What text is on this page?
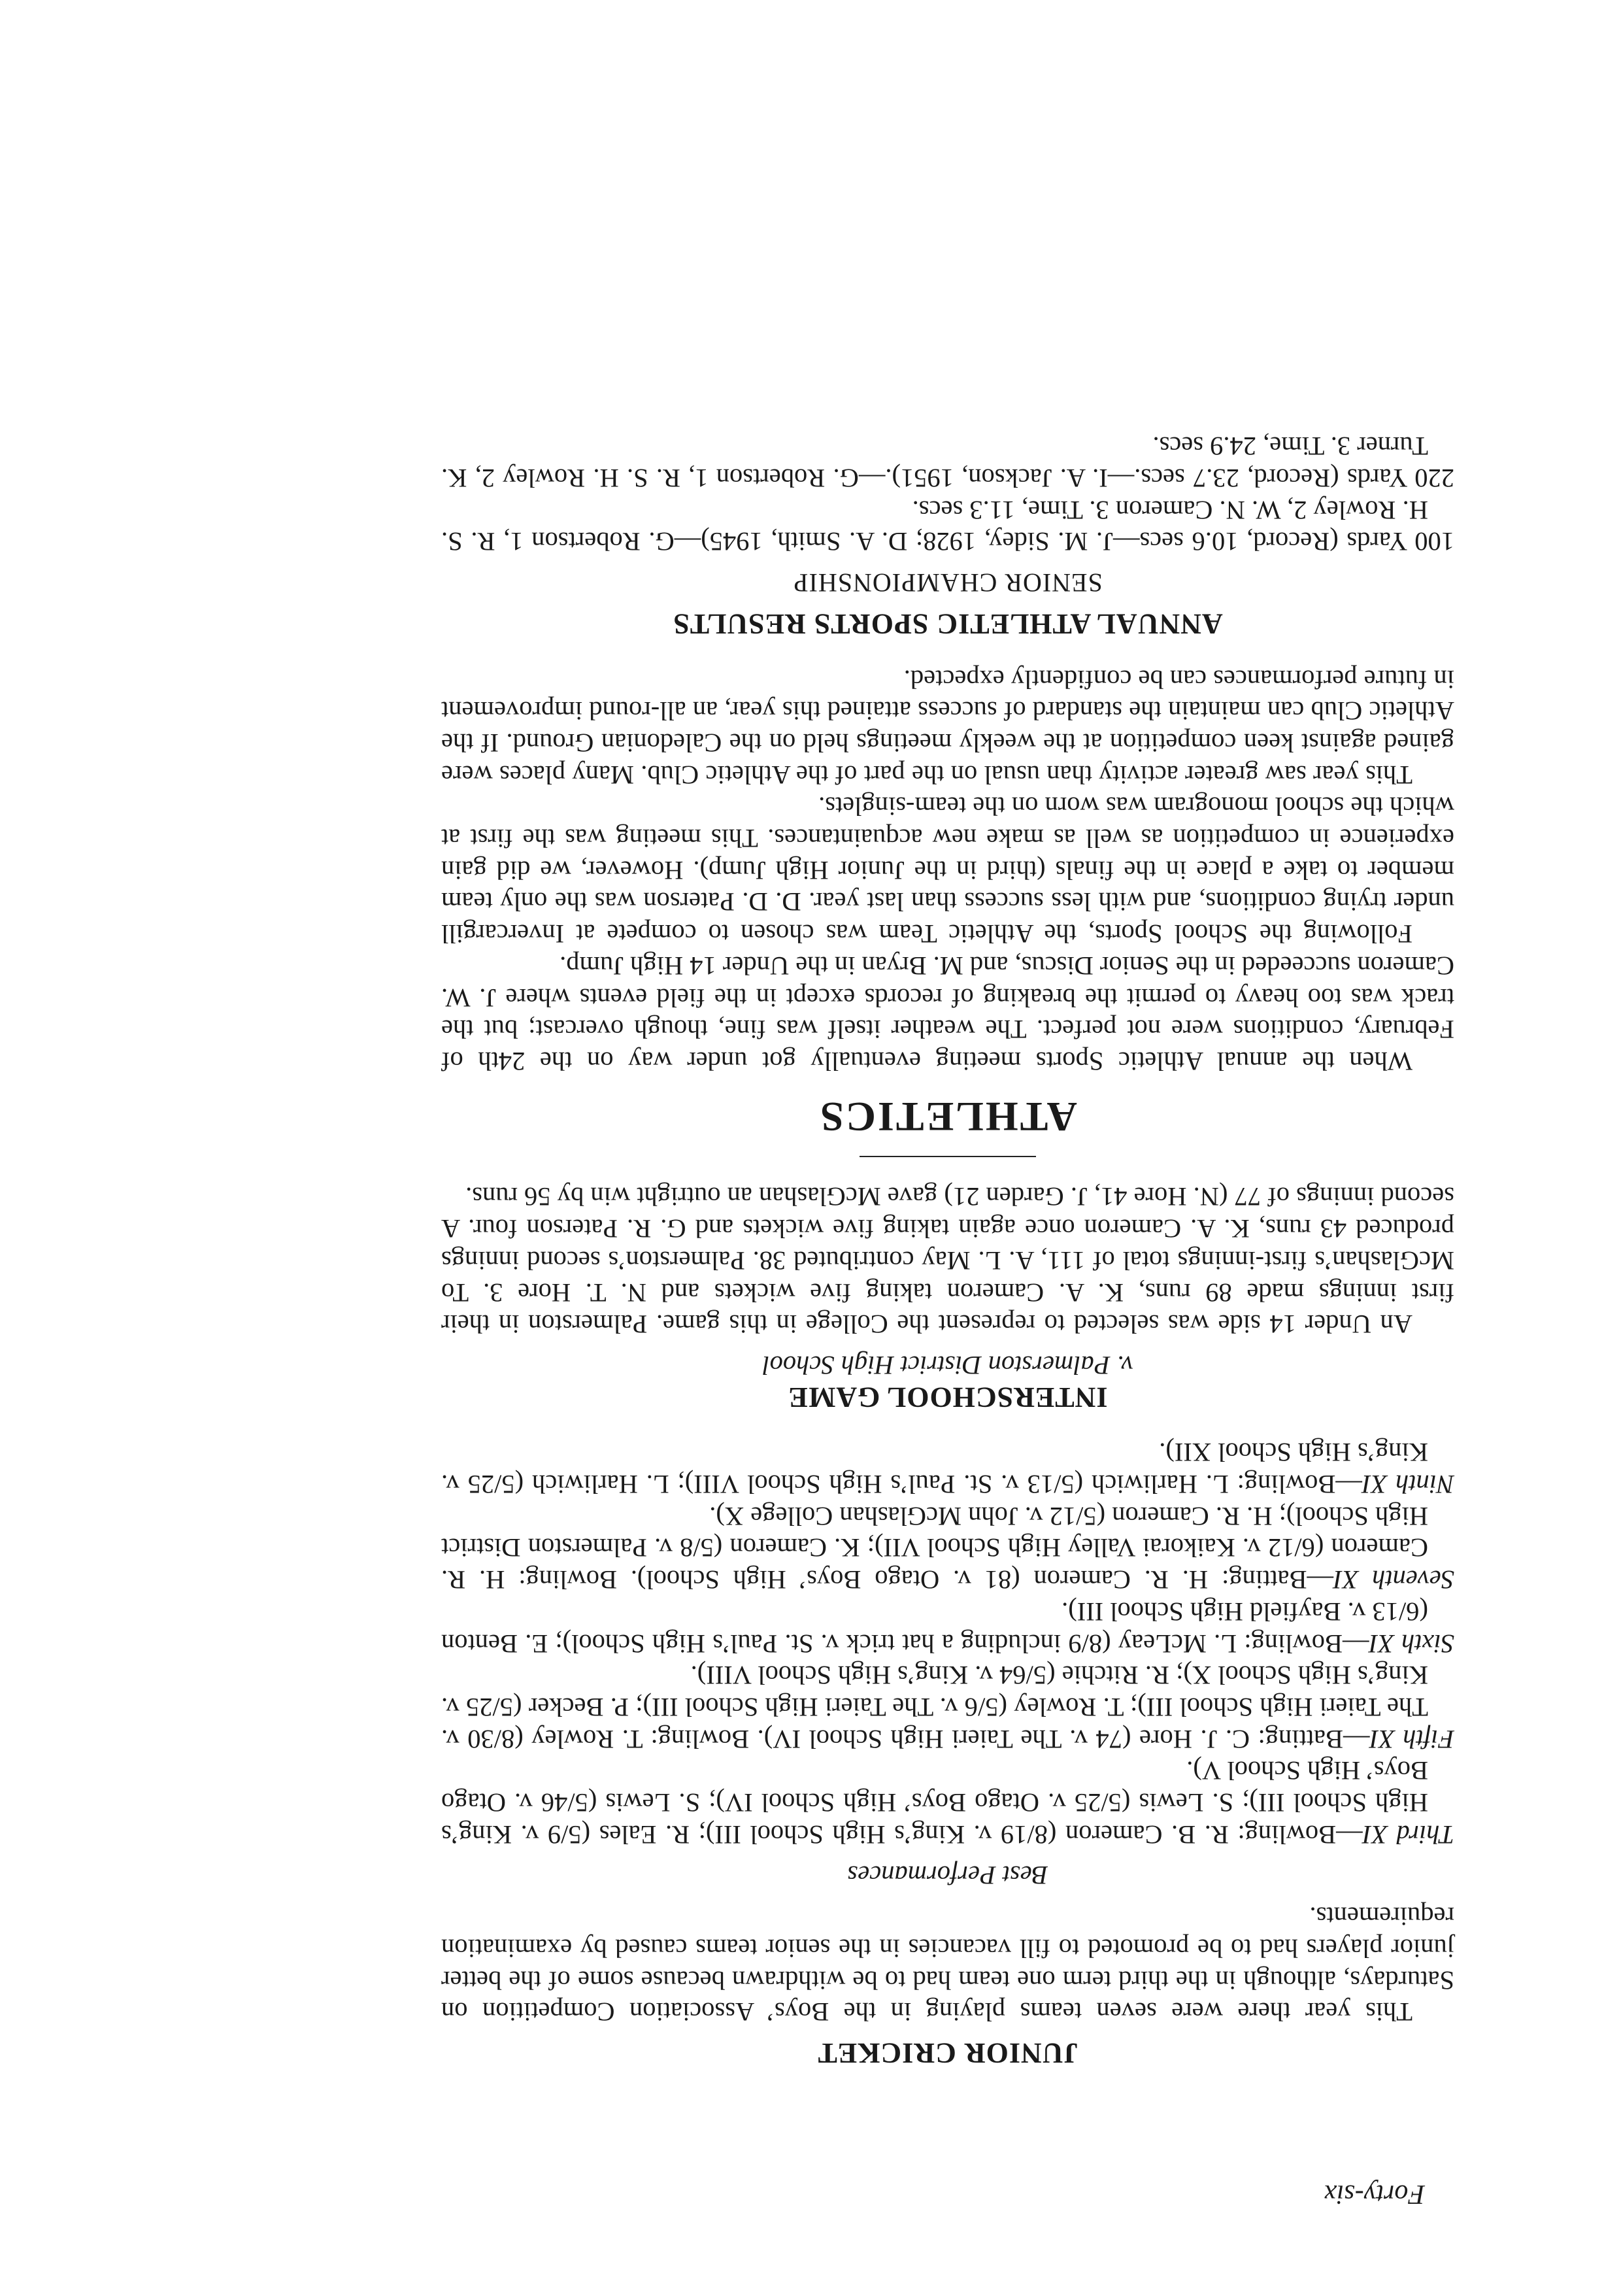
Forty-six
JUNIOR CRICKET

This year there were seven teams playing in the Boys’ Association Competition on Saturdays, although in the third term one team had to be withdrawn because some of the better junior players had to be promoted to fill vacancies in the senior teams caused by examination requirements.

Best Performances

Third XI—Bowling: R. B. Cameron (8/19 v. King’s High School III); R. Eales (5/9 v. King’s High School III); S. Lewis (5/25 v. Otago Boys’ High School IV); S. Lewis (5/46 v. Otago Boys’ High School V).

Fifth XI—Batting: C. J. Hore (74 v. The Taieri High School IV). Bowling: T. Rowley (8/30 v. The Taieri High School III); T. Rowley (5/6 v. The Taieri High School III); P. Becker (5/25 v. King’s High School X); R. Ritchie (5/64 v. King’s High School VIII).

Sixth XI—Bowling: L. McLeay (8/9 including a hat trick v. St. Paul’s High School); E. Benton (6/13 v. Bayfield High School III).

Seventh XI—Batting: H. R. Cameron (81 v. Otago Boys’ High School). Bowling: H. R. Cameron (6/12 v. Kaikorai Valley High School VII); K. Cameron (5/8 v. Palmerston District High School); H. R. Cameron (5/12 v. John McGlashan College X).

Ninth XI—Bowling: L. Harliwich (5/13 v. St. Paul’s High School VIII); L. Harliwich (5/25 v. King’s High School XII).

INTERSCHOOL GAME
v. Palmerston District High School

An Under 14 side was selected to represent the College in this game. Palmerston in their first innings made 89 runs, K. A. Cameron taking five wickets and N. T. Hore 3. To McGlashan’s first-innings total of 111, A. L. May contributed 38. Palmerston’s second innings produced 43 runs, K. A. Cameron once again taking five wickets and G. R. Paterson four. A second innings of 77 (N. Hore 41, J. Garden 21) gave McGlashan an outright win by 56 runs.

ATHLETICS

When the annual Athletic Sports meeting eventually got under way on the 24th of February, conditions were not perfect. The weather itself was fine, though overcast; but the track was too heavy to permit the breaking of records except in the field events where J. W. Cameron succeeded in the Senior Discus, and M. Bryan in the Under 14 High Jump.

Following the School Sports, the Athletic Team was chosen to compete at Invercargill under trying conditions, and with less success than last year. D. D. Paterson was the only team member to take a place in the finals (third in the Junior High Jump). However, we did gain experience in competition as well as make new acquaintances. This meeting was the first at which the school monogram was worn on the team-singlets.

This year saw greater activity than usual on the part of the Athletic Club. Many places were gained against keen competition at the weekly meetings held on the Caledonian Ground. If the Athletic Club can maintain the standard of success attained this year, an all-round improvement in future performances can be confidently expected.

ANNUAL ATHLETIC SPORTS RESULTS
SENIOR CHAMPIONSHIP

100 Yards (Record, 10.6 secs—J. M. Sidey, 1928; D. A. Smith, 1945)—G. Robertson 1, R. S. H. Rowley 2, W. N. Cameron 3. Time, 11.3 secs.

220 Yards (Record, 23.7 secs.—I. A. Jackson, 1951).—G. Robertson 1, R. S. H. Rowley 2, K. Turner 3. Time, 24.9 secs.
